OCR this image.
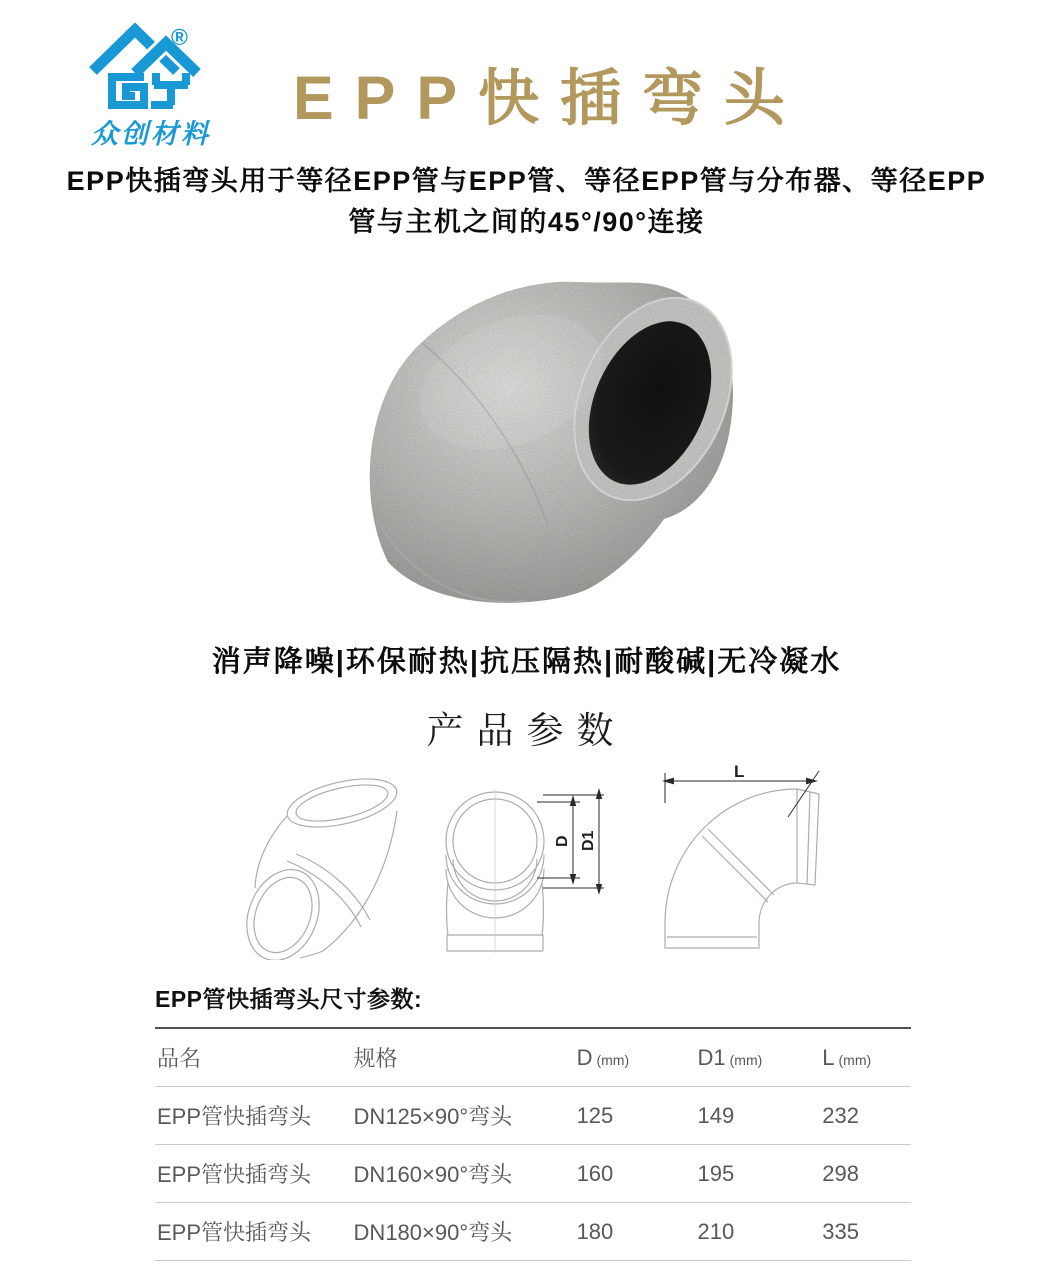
®
众创材料
EPP快插弯头
EPP快插弯头用于等径EPP管与EPP管、等径EPP管与分布器、等径EPP
管与主机之间的45°/90°连接
消声降噪|环保耐热|抗压隔热|耐酸碱|无冷凝水
产品参数
D D1
L
EPP管快插弯头尺寸参数:
品名	规格	D (mm)	D1 (mm)	L (mm)
EPP管快插弯头	DN125×90°弯头	125	149	232
EPP管快插弯头	DN160×90°弯头	160	195	298
EPP管快插弯头	DN180×90°弯头	180	210	335
